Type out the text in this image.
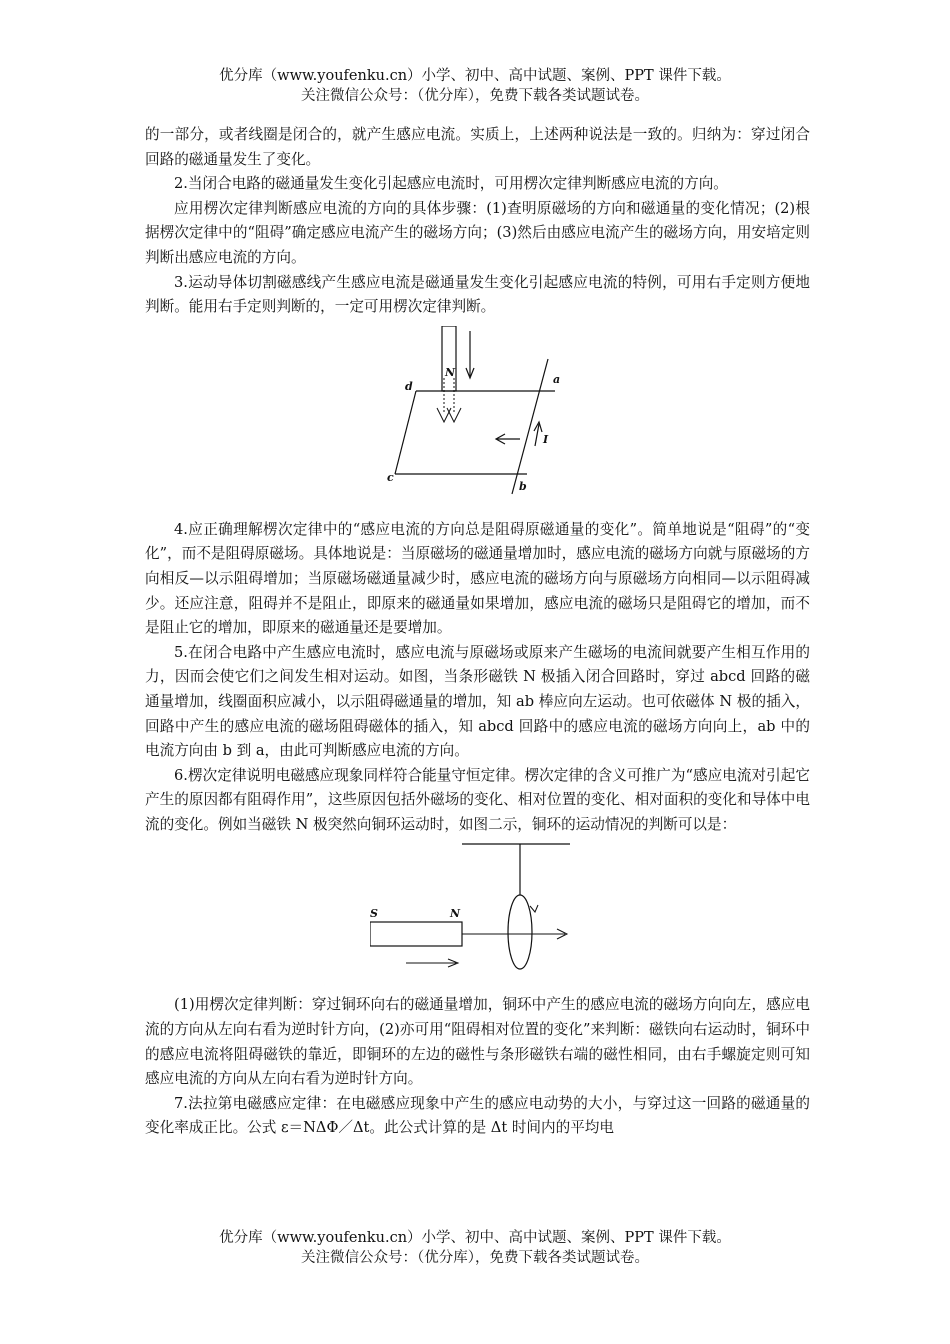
优分库（www.youfenku.cn）小学、初中、高中试题、案例、PPT 课件下载。
关注微信公众号：（优分库），免费下载各类试题试卷。

的一部分，或者线圈是闭合的，就产生感应电流。实质上，上述两种说法是一致的。归纳为：穿过闭合回路的磁通量发生了变化。

2.当闭合电路的磁通量发生变化引起感应电流时，可用楞次定律判断感应电流的方向。

应用楞次定律判断感应电流的方向的具体步骤：(1)查明原磁场的方向和磁通量的变化情况；(2)根据楞次定律中的“阻碍”确定感应电流产生的磁场方向；(3)然后由感应电流产生的磁场方向，用安培定则判断出感应电流的方向。

3.运动导体切割磁感线产生感应电流是磁通量发生变化引起感应电流的特例，可用右手定则方便地判断。能用右手定则判断的，一定可用楞次定律判断。

N
d
a
c
b
I

4.应正确理解楞次定律中的“感应电流的方向总是阻碍原磁通量的变化”。简单地说是“阻碍”的“变化”，而不是阻碍原磁场。具体地说是：当原磁场的磁通量增加时，感应电流的磁场方向就与原磁场的方向相反—以示阻碍增加；当原磁场磁通量减少时，感应电流的磁场方向与原磁场方向相同—以示阻碍减少。还应注意，阻碍并不是阻止，即原来的磁通量如果增加，感应电流的磁场只是阻碍它的增加，而不是阻止它的增加，即原来的磁通量还是要增加。

5.在闭合电路中产生感应电流时，感应电流与原磁场或原来产生磁场的电流间就要产生相互作用的力，因而会使它们之间发生相对运动。如图，当条形磁铁 N 极插入闭合回路时，穿过 abcd 回路的磁通量增加，线圈面积应减小，以示阻碍磁通量的增加，知 ab 棒应向左运动。也可依磁体 N 极的插入，回路中产生的感应电流的磁场阻碍磁体的插入，知 abcd 回路中的感应电流的磁场方向向上，ab 中的电流方向由 b 到 a，由此可判断感应电流的方向。

6.楞次定律说明电磁感应现象同样符合能量守恒定律。楞次定律的含义可推广为“感应电流对引起它产生的原因都有阻碍作用”，这些原因包括外磁场的变化、相对位置的变化、相对面积的变化和导体中电流的变化。例如当磁铁 N 极突然向铜环运动时，如图二示，铜环的运动情况的判断可以是：

S	N

(1)用楞次定律判断：穿过铜环向右的磁通量增加，铜环中产生的感应电流的磁场方向向左，感应电流的方向从左向右看为逆时针方向，(2)亦可用“阻碍相对位置的变化”来判断：磁铁向右运动时，铜环中的感应电流将阻碍磁铁的靠近，即铜环的左边的磁性与条形磁铁右端的磁性相同，由右手螺旋定则可知感应电流的方向从左向右看为逆时针方向。

7.法拉第电磁感应定律：在电磁感应现象中产生的感应电动势的大小，与穿过这一回路的磁通量的变化率成正比。公式 ε＝NΔΦ／Δt。此公式计算的是 Δt 时间内的平均电

优分库（www.youfenku.cn）小学、初中、高中试题、案例、PPT 课件下载。
关注微信公众号：（优分库），免费下载各类试题试卷。
